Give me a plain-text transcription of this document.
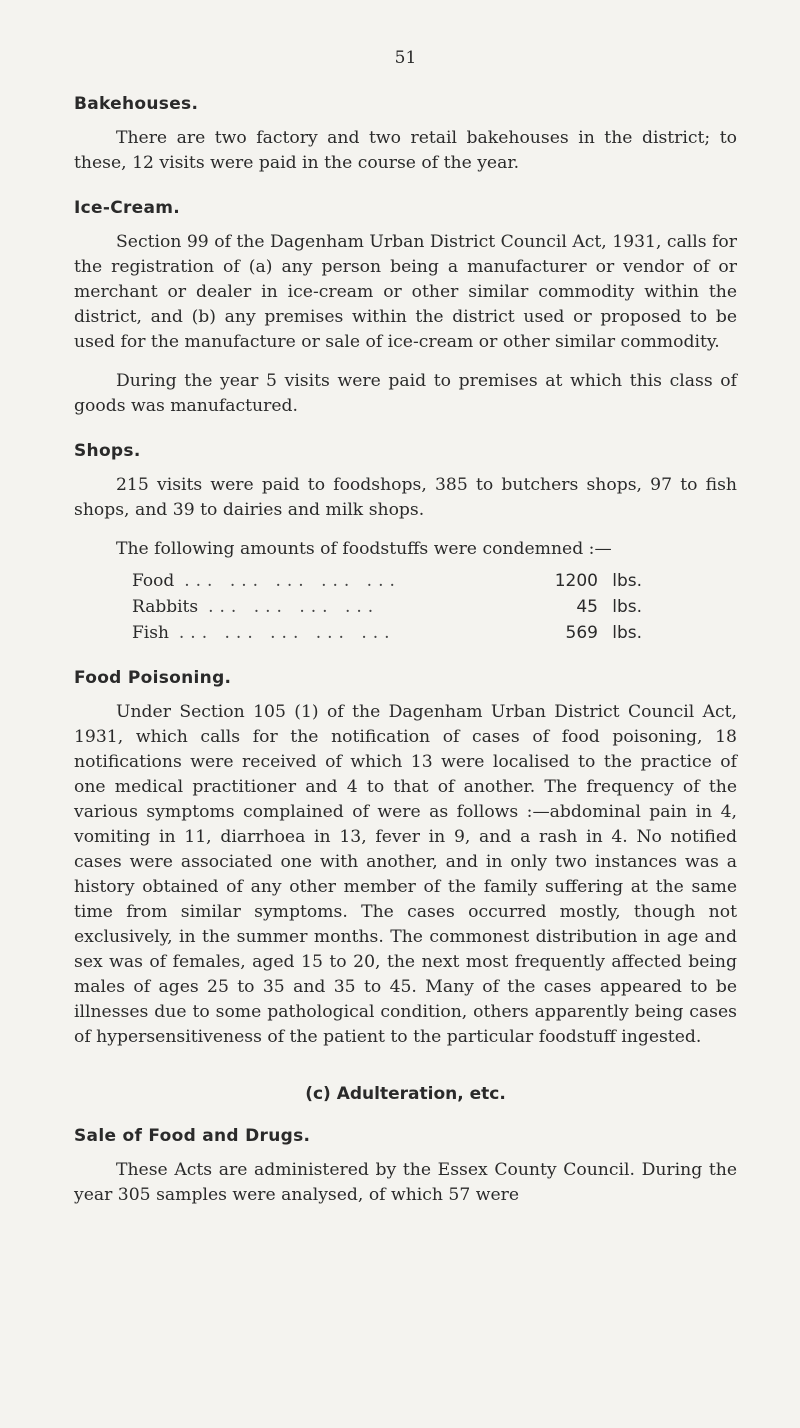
51
Bakehouses.

There are two factory and two retail bakehouses in the district; to these, 12 visits were paid in the course of the year.

Ice-Cream.

Section 99 of the Dagenham Urban District Council Act, 1931, calls for the registration of (a) any person being a manufacturer or vendor of or merchant or dealer in ice-cream or other similar commodity within the district, and (b) any premises within the district used or proposed to be used for the manufacture or sale of ice-cream or other similar commodity.

During the year 5 visits were paid to premises at which this class of goods was manufactured.

Shops.

215 visits were paid to foodshops, 385 to butchers shops, 97 to fish shops, and 39 to dairies and milk shops.

The following amounts of foodstuffs were condemned :—

Food ... ... ... ... ...	1200 lbs.
Rabbits ... ... ... ...	45 lbs.
Fish ... ... ... ... ...	569 lbs.
Food Poisoning.

Under Section 105 (1) of the Dagenham Urban District Council Act, 1931, which calls for the notification of cases of food poisoning, 18 notifications were received of which 13 were localised to the practice of one medical practitioner and 4 to that of another. The frequency of the various symptoms complained of were as follows :—abdominal pain in 4, vomiting in 11, diarrhoea in 13, fever in 9, and a rash in 4. No notified cases were associated one with another, and in only two instances was a history obtained of any other member of the family suffering at the same time from similar symptoms. The cases occurred mostly, though not exclusively, in the summer months. The commonest distribution in age and sex was of females, aged 15 to 20, the next most frequently affected being males of ages 25 to 35 and 35 to 45. Many of the cases appeared to be illnesses due to some pathological condition, others apparently being cases of hypersensitiveness of the patient to the particular foodstuff ingested.

(c) Adulteration, etc.
Sale of Food and Drugs.

These Acts are administered by the Essex County Council. During the year 305 samples were analysed, of which 57 were
